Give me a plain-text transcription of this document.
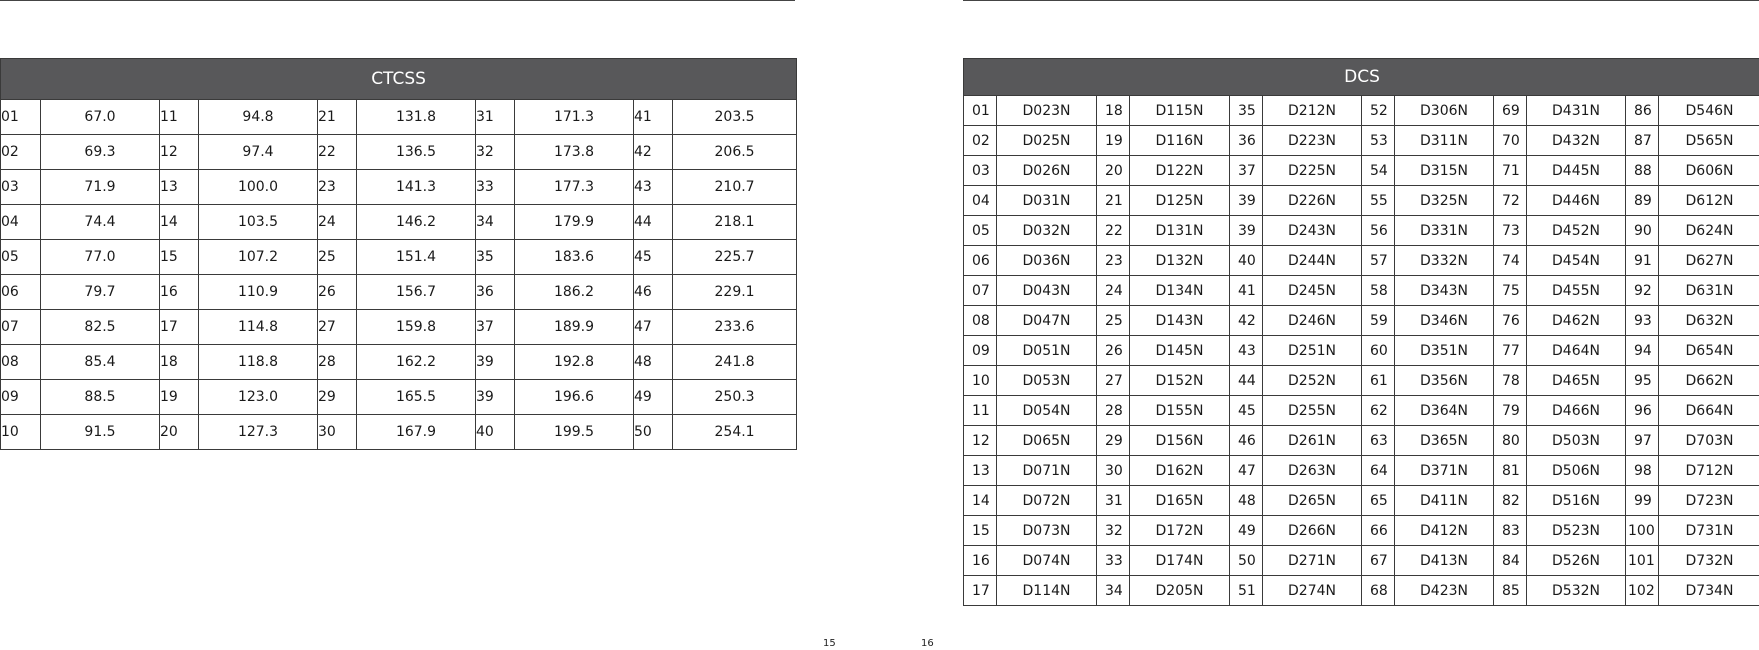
CTCSS									
01	67.0	11	94.8	21	131.8	31	171.3	41	203.5
02	69.3	12	97.4	22	136.5	32	173.8	42	206.5
03	71.9	13	100.0	23	141.3	33	177.3	43	210.7
04	74.4	14	103.5	24	146.2	34	179.9	44	218.1
05	77.0	15	107.2	25	151.4	35	183.6	45	225.7
06	79.7	16	110.9	26	156.7	36	186.2	46	229.1
07	82.5	17	114.8	27	159.8	37	189.9	47	233.6
08	85.4	18	118.8	28	162.2	39	192.8	48	241.8
09	88.5	19	123.0	29	165.5	39	196.6	49	250.3
10	91.5	20	127.3	30	167.9	40	199.5	50	254.1
DCS											
01	D023N	18	D115N	35	D212N	52	D306N	69	D431N	86	D546N
02	D025N	19	D116N	36	D223N	53	D311N	70	D432N	87	D565N
03	D026N	20	D122N	37	D225N	54	D315N	71	D445N	88	D606N
04	D031N	21	D125N	39	D226N	55	D325N	72	D446N	89	D612N
05	D032N	22	D131N	39	D243N	56	D331N	73	D452N	90	D624N
06	D036N	23	D132N	40	D244N	57	D332N	74	D454N	91	D627N
07	D043N	24	D134N	41	D245N	58	D343N	75	D455N	92	D631N
08	D047N	25	D143N	42	D246N	59	D346N	76	D462N	93	D632N
09	D051N	26	D145N	43	D251N	60	D351N	77	D464N	94	D654N
10	D053N	27	D152N	44	D252N	61	D356N	78	D465N	95	D662N
11	D054N	28	D155N	45	D255N	62	D364N	79	D466N	96	D664N
12	D065N	29	D156N	46	D261N	63	D365N	80	D503N	97	D703N
13	D071N	30	D162N	47	D263N	64	D371N	81	D506N	98	D712N
14	D072N	31	D165N	48	D265N	65	D411N	82	D516N	99	D723N
15	D073N	32	D172N	49	D266N	66	D412N	83	D523N	100	D731N
16	D074N	33	D174N	50	D271N	67	D413N	84	D526N	101	D732N
17	D114N	34	D205N	51	D274N	68	D423N	85	D532N	102	D734N
15	16
